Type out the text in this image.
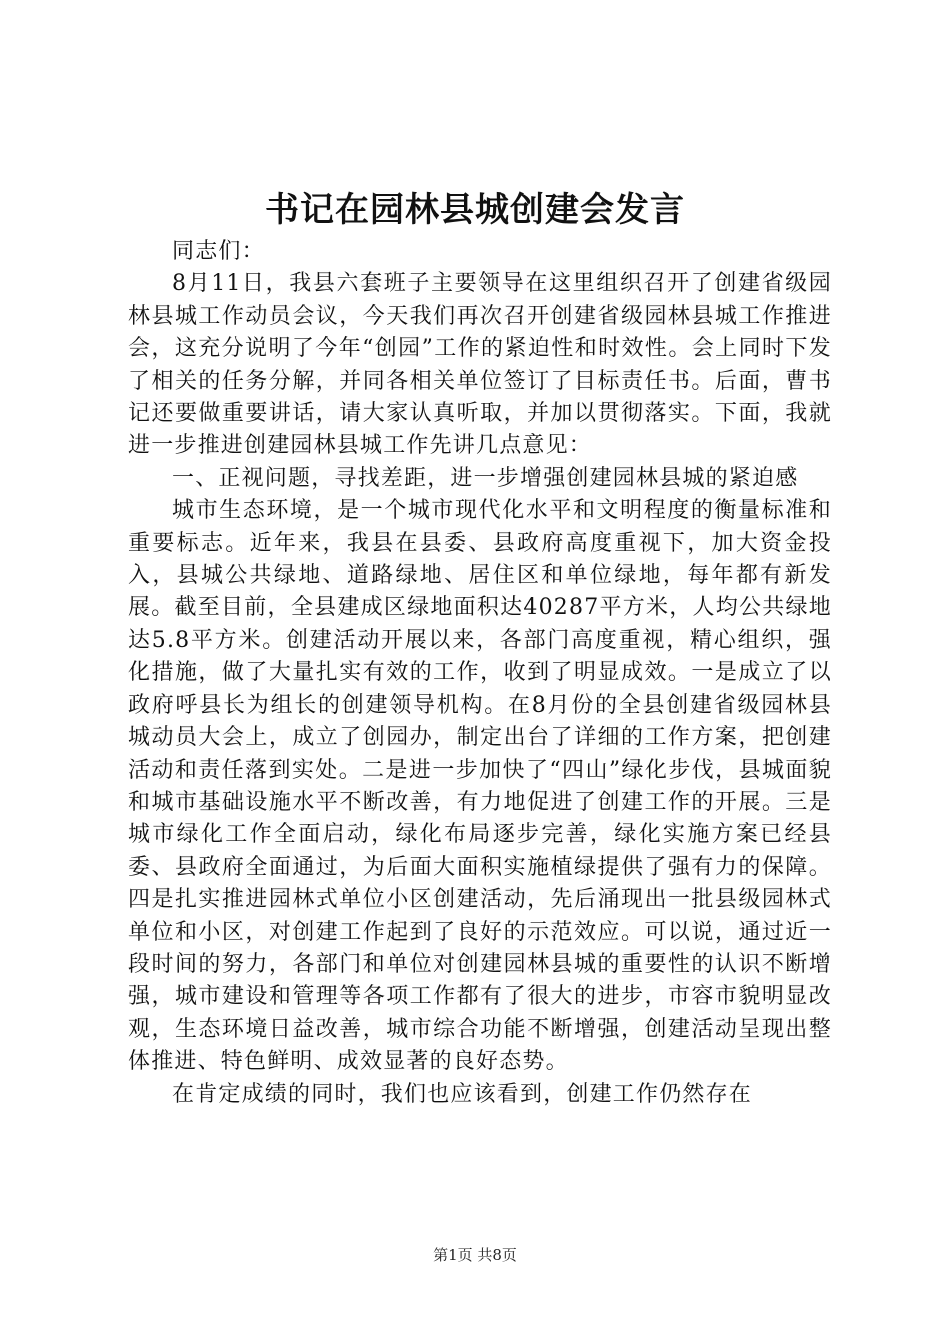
书记在园林县城创建会发言

同志们：

8月11日，我县六套班子主要领导在这里组织召开了创建省级园林县城工作动员会议，今天我们再次召开创建省级园林县城工作推进会，这充分说明了今年“创园”工作的紧迫性和时效性。会上同时下发了相关的任务分解，并同各相关单位签订了目标责任书。后面，曹书记还要做重要讲话，请大家认真听取，并加以贯彻落实。下面，我就进一步推进创建园林县城工作先讲几点意见：

一、正视问题，寻找差距，进一步增强创建园林县城的紧迫感

城市生态环境，是一个城市现代化水平和文明程度的衡量标准和重要标志。近年来，我县在县委、县政府高度重视下，加大资金投入，县城公共绿地、道路绿地、居住区和单位绿地，每年都有新发展。截至目前，全县建成区绿地面积达40287平方米，人均公共绿地达5.8平方米。创建活动开展以来，各部门高度重视，精心组织，强化措施，做了大量扎实有效的工作，收到了明显成效。一是成立了以政府呼县长为组长的创建领导机构。在8月份的全县创建省级园林县城动员大会上，成立了创园办，制定出台了详细的工作方案，把创建活动和责任落到实处。二是进一步加快了“四山”绿化步伐，县城面貌和城市基础设施水平不断改善，有力地促进了创建工作的开展。三是城市绿化工作全面启动，绿化布局逐步完善，绿化实施方案已经县委、县政府全面通过，为后面大面积实施植绿提供了强有力的保障。四是扎实推进园林式单位小区创建活动，先后涌现出一批县级园林式单位和小区，对创建工作起到了良好的示范效应。可以说，通过近一段时间的努力，各部门和单位对创建园林县城的重要性的认识不断增强，城市建设和管理等各项工作都有了很大的进步，市容市貌明显改观，生态环境日益改善，城市综合功能不断增强，创建活动呈现出整体推进、特色鲜明、成效显著的良好态势。

在肯定成绩的同时，我们也应该看到，创建工作仍然存在

第1页 共8页
